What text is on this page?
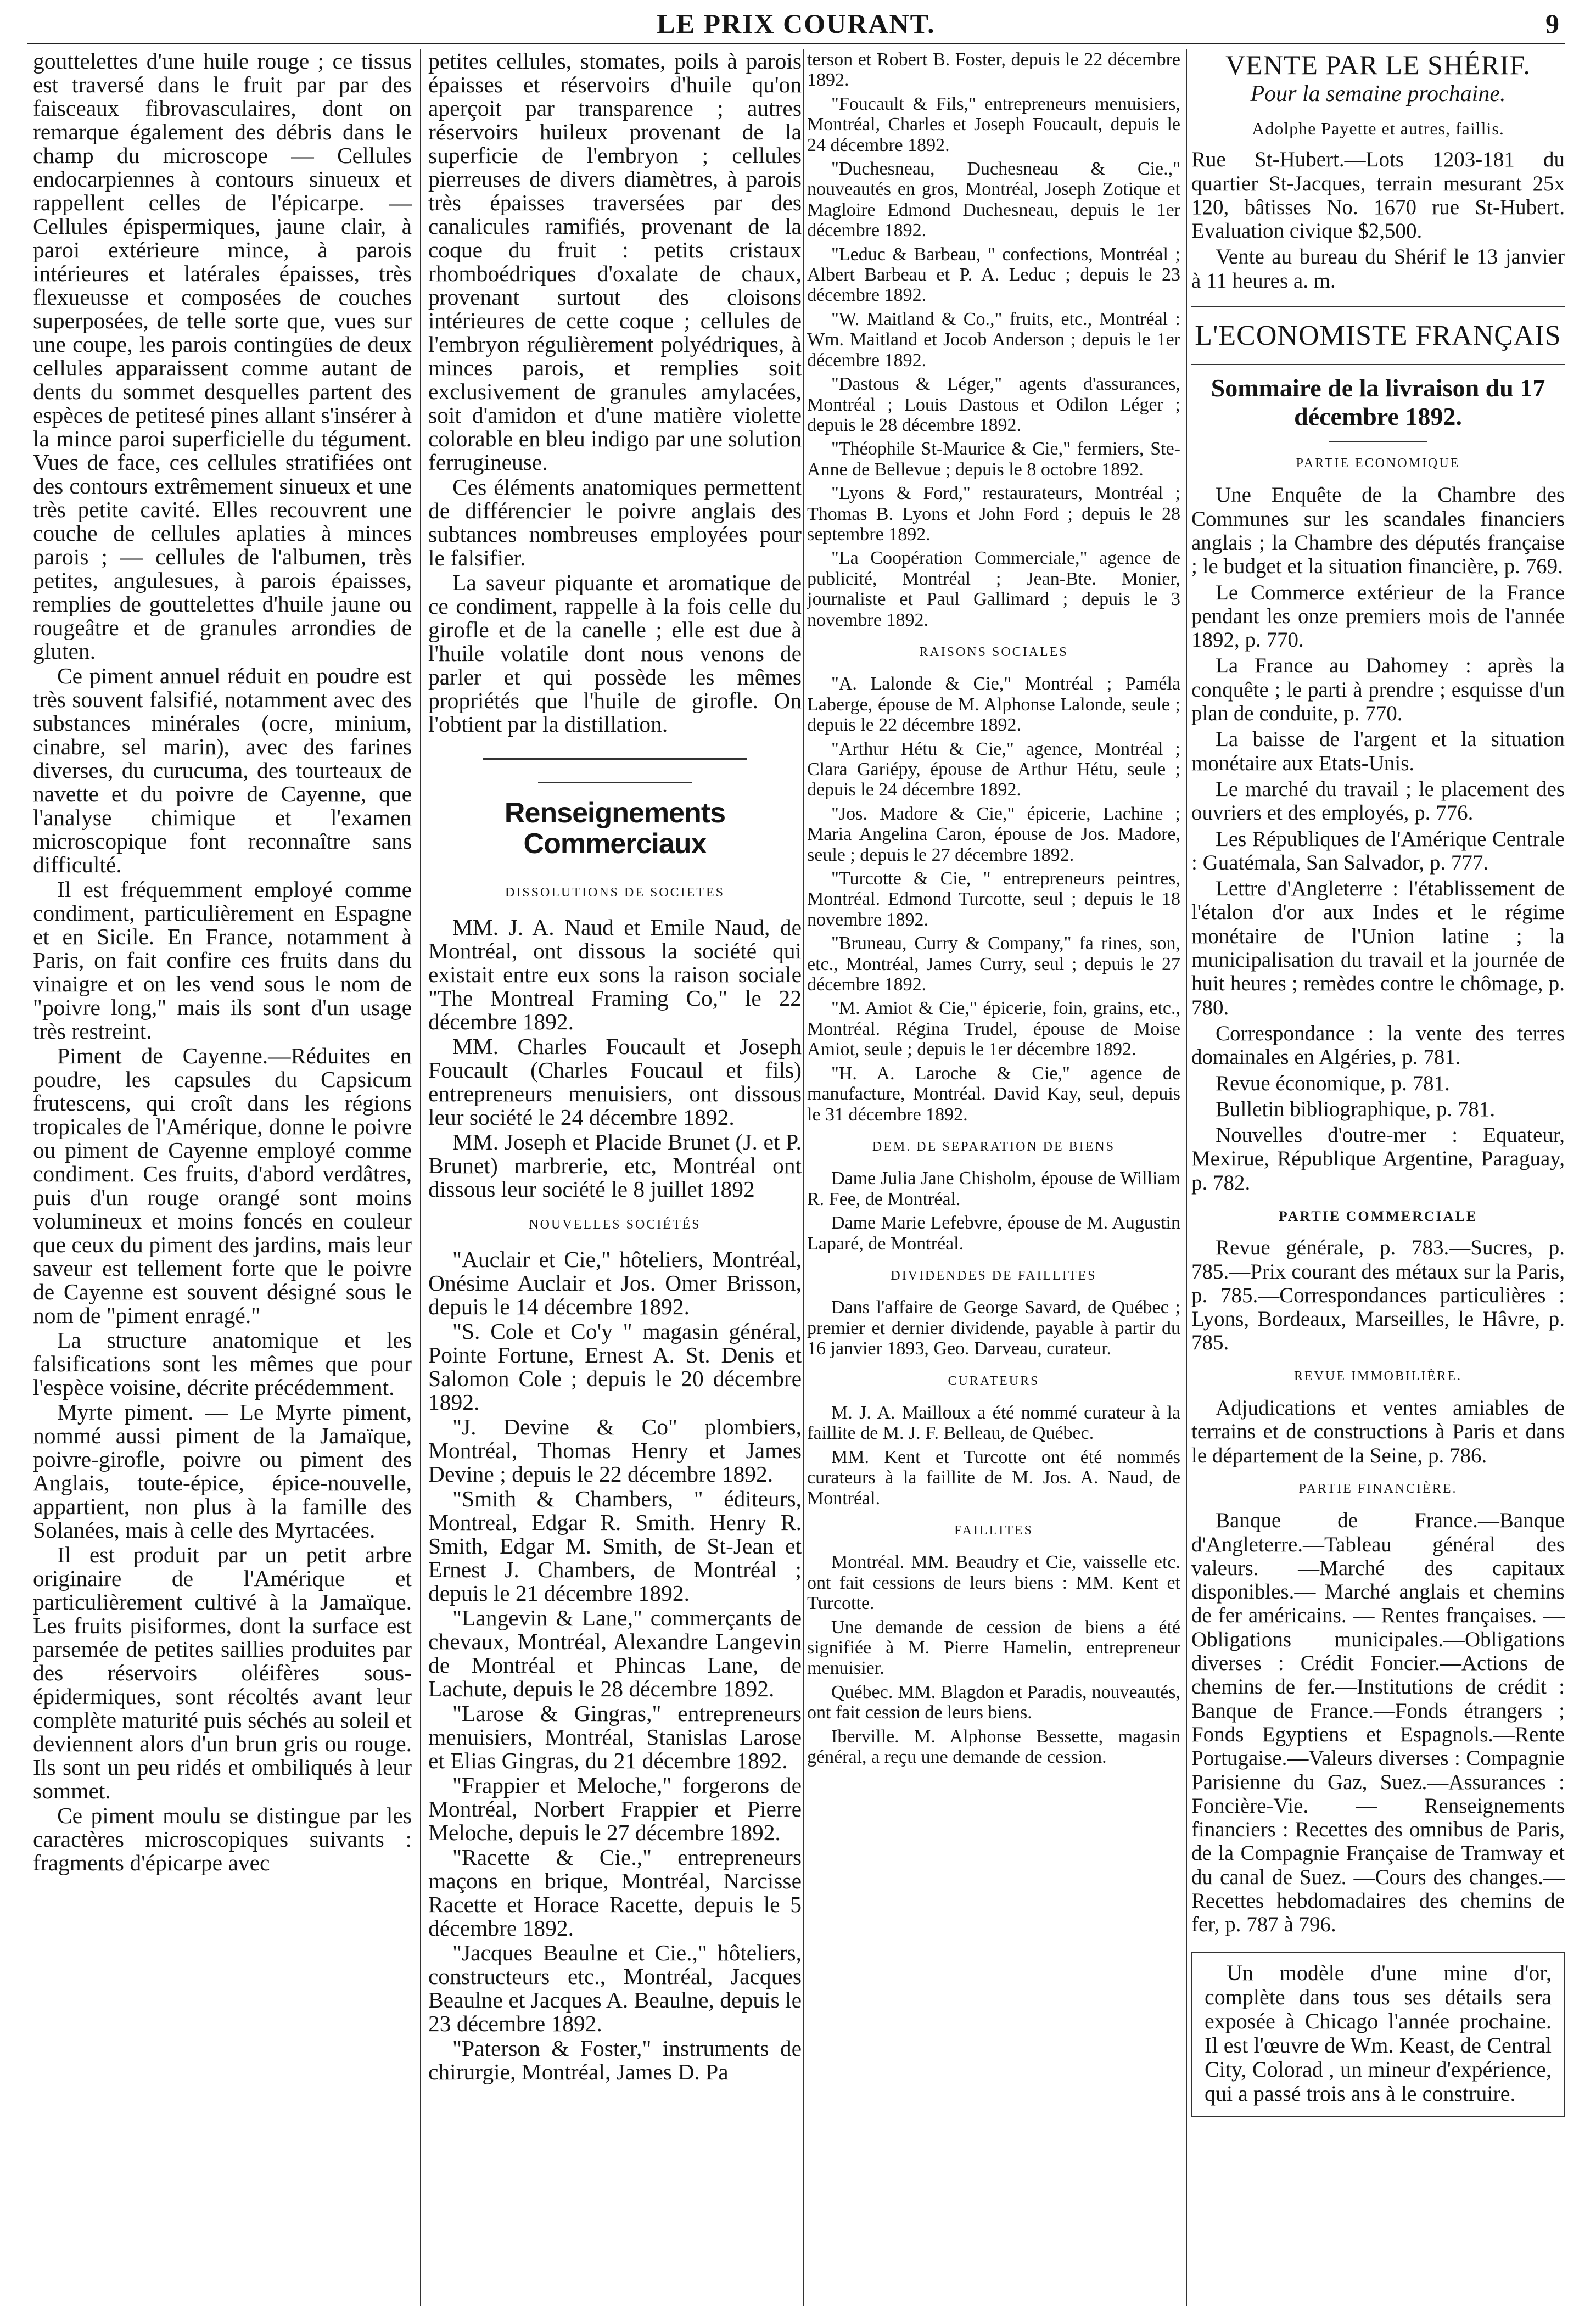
LE PRIX COURANT.	9

gouttelettes d'une huile rouge ; ce tissus est traversé dans le fruit par par des faisceaux fibrovasculaires, dont on remarque également des débris dans le champ du microscope — Cellules endocarpiennes à contours sinueux et rappellent celles de l'épicarpe. — Cellules épispermiques, jaune clair, à paroi extérieure mince, à parois intérieures et latérales épaisses, très flexueusse et composées de couches superposées, de telle sorte que, vues sur une coupe, les parois contingües de deux cellules apparaissent comme autant de dents du sommet desquelles partent des espèces de petitesé pines allant s'insérer à la mince paroi superficielle du tégument. Vues de face, ces cellules stratifiées ont des contours extrêmement sinueux et une très petite cavité. Elles recouvrent une couche de cellules aplaties à minces parois ; — cellules de l'albumen, très petites, angulesues, à parois épaisses, remplies de gouttelettes d'huile jaune ou rougeâtre et de granules arrondies de gluten.

Ce piment annuel réduit en poudre est très souvent falsifié, notamment avec des substances minérales (ocre, minium, cinabre, sel marin), avec des farines diverses, du curucuma, des tourteaux de navette et du poivre de Cayenne, que l'analyse chimique et l'examen microscopique font reconnaître sans difficulté.

Il est fréquemment employé comme condiment, particulièrement en Espagne et en Sicile. En France, notamment à Paris, on fait confire ces fruits dans du vinaigre et on les vend sous le nom de "poivre long," mais ils sont d'un usage très restreint.

Piment de Cayenne.—Réduites en poudre, les capsules du Capsicum frutescens, qui croît dans les régions tropicales de l'Amérique, donne le poivre ou piment de Cayenne employé comme condiment. Ces fruits, d'abord verdâtres, puis d'un rouge orangé sont moins volumineux et moins foncés en couleur que ceux du piment des jardins, mais leur saveur est tellement forte que le poivre de Cayenne est souvent désigné sous le nom de "piment enragé."

La structure anatomique et les falsifications sont les mêmes que pour l'espèce voisine, décrite précédemment.

Myrte piment. — Le Myrte piment, nommé aussi piment de la Jamaïque, poivre-girofle, poivre ou piment des Anglais, toute-épice, épice-nouvelle, appartient, non plus à la famille des Solanées, mais à celle des Myrtacées.

Il est produit par un petit arbre originaire de l'Amérique et particulièrement cultivé à la Jamaïque. Les fruits pisiformes, dont la surface est parsemée de petites saillies produites par des réservoirs oléifères sous-épidermiques, sont récoltés avant leur complète maturité puis séchés au soleil et deviennent alors d'un brun gris ou rouge. Ils sont un peu ridés et ombiliqués à leur sommet.

Ce piment moulu se distingue par les caractères microscopiques suivants : fragments d'épicarpe avec

petites cellules, stomates, poils à parois épaisses et réservoirs d'huile qu'on aperçoit par transparence ; autres réservoirs huileux provenant de la superficie de l'embryon ; cellules pierreuses de divers diamètres, à parois très épaisses traversées par des canalicules ramifiés, provenant de la coque du fruit : petits cristaux rhomboédriques d'oxalate de chaux, provenant surtout des cloisons intérieures de cette coque ; cellules de l'embryon régulièrement polyédriques, à minces parois, et remplies soit exclusivement de granules amylacées, soit d'amidon et d'une matière violette colorable en bleu indigo par une solution ferrugineuse.

Ces éléments anatomiques permettent de différencier le poivre anglais des subtances nombreuses employées pour le falsifier.

La saveur piquante et aromatique de ce condiment, rappelle à la fois celle du girofle et de la canelle ; elle est due à l'huile volatile dont nous venons de parler et qui possède les mêmes propriétés que l'huile de girofle. On l'obtient par la distillation.

Renseignements Commerciaux
DISSOLUTIONS DE SOCIETES

MM. J. A. Naud et Emile Naud, de Montréal, ont dissous la société qui existait entre eux sons la raison sociale "The Montreal Framing Co," le 22 décembre 1892.

MM. Charles Foucault et Joseph Foucault (Charles Foucaul et fils) entrepreneurs menuisiers, ont dissous leur société le 24 décembre 1892.

MM. Joseph et Placide Brunet (J. et P. Brunet) marbrerie, etc, Montréal ont dissous leur société le 8 juillet 1892

NOUVELLES SOCIÉTÉS

"Auclair et Cie," hôteliers, Montréal, Onésime Auclair et Jos. Omer Brisson, depuis le 14 décembre 1892.

"S. Cole et Co'y " magasin général, Pointe Fortune, Ernest A. St. Denis et Salomon Cole ; depuis le 20 décembre 1892.

"J. Devine & Co" plombiers, Montréal, Thomas Henry et James Devine ; depuis le 22 décembre 1892.

"Smith & Chambers, " éditeurs, Montreal, Edgar R. Smith. Henry R. Smith, Edgar M. Smith, de St-Jean et Ernest J. Chambers, de Montréal ; depuis le 21 décembre 1892.

"Langevin & Lane," commerçants de chevaux, Montréal, Alexandre Langevin de Montréal et Phincas Lane, de Lachute, depuis le 28 décembre 1892.

"Larose & Gingras," entrepreneurs menuisiers, Montréal, Stanislas Larose et Elias Gingras, du 21 décembre 1892.

"Frappier et Meloche," forgerons de Montréal, Norbert Frappier et Pierre Meloche, depuis le 27 décembre 1892.

"Racette & Cie.," entrepreneurs maçons en brique, Montréal, Narcisse Racette et Horace Racette, depuis le 5 décembre 1892.

"Jacques Beaulne et Cie.," hôteliers, constructeurs etc., Montréal, Jacques Beaulne et Jacques A. Beaulne, depuis le 23 décembre 1892.

"Paterson & Foster," instruments de chirurgie, Montréal, James D. Pa

terson et Robert B. Foster, depuis le 22 décembre 1892.

"Foucault & Fils," entrepreneurs menuisiers, Montréal, Charles et Joseph Foucault, depuis le 24 décembre 1892.

"Duchesneau, Duchesneau & Cie.," nouveautés en gros, Montréal, Joseph Zotique et Magloire Edmond Duchesneau, depuis le 1er décembre 1892.

"Leduc & Barbeau, " confections, Montréal ; Albert Barbeau et P. A. Leduc ; depuis le 23 décembre 1892.

"W. Maitland & Co.," fruits, etc., Montréal : Wm. Maitland et Jocob Anderson ; depuis le 1er décembre 1892.

"Dastous & Léger," agents d'assurances, Montréal ; Louis Dastous et Odilon Léger ; depuis le 28 décembre 1892.

"Théophile St-Maurice & Cie," fermiers, Ste-Anne de Bellevue ; depuis le 8 octobre 1892.

"Lyons & Ford," restaurateurs, Montréal ; Thomas B. Lyons et John Ford ; depuis le 28 septembre 1892.

"La Coopération Commerciale," agence de publicité, Montréal ; Jean-Bte. Monier, journaliste et Paul Gallimard ; depuis le 3 novembre 1892.

RAISONS SOCIALES

"A. Lalonde & Cie," Montréal ; Paméla Laberge, épouse de M. Alphonse Lalonde, seule ; depuis le 22 décembre 1892.

"Arthur Hétu & Cie," agence, Montréal ; Clara Gariépy, épouse de Arthur Hétu, seule ; depuis le 24 décembre 1892.

"Jos. Madore & Cie," épicerie, Lachine ; Maria Angelina Caron, épouse de Jos. Madore, seule ; depuis le 27 décembre 1892.

"Turcotte & Cie, " entrepreneurs peintres, Montréal. Edmond Turcotte, seul ; depuis le 18 novembre 1892.

"Bruneau, Curry & Company," fa rines, son, etc., Montréal, James Curry, seul ; depuis le 27 décembre 1892.

"M. Amiot & Cie," épicerie, foin, grains, etc., Montréal. Régina Trudel, épouse de Moise Amiot, seule ; depuis le 1er décembre 1892.

"H. A. Laroche & Cie," agence de manufacture, Montréal. David Kay, seul, depuis le 31 décembre 1892.

DEM. DE SEPARATION DE BIENS

Dame Julia Jane Chisholm, épouse de William R. Fee, de Montréal.

Dame Marie Lefebvre, épouse de M. Augustin Laparé, de Montréal.

DIVIDENDES DE FAILLITES

Dans l'affaire de George Savard, de Québec ; premier et dernier dividende, payable à partir du 16 janvier 1893, Geo. Darveau, curateur.

CURATEURS

M. J. A. Mailloux a été nommé curateur à la faillite de M. J. F. Belleau, de Québec.

MM. Kent et Turcotte ont été nommés curateurs à la faillite de M. Jos. A. Naud, de Montréal.

FAILLITES

Montréal. MM. Beaudry et Cie, vaisselle etc. ont fait cessions de leurs biens : MM. Kent et Turcotte.

Une demande de cession de biens a été signifiée à M. Pierre Hamelin, entrepreneur menuisier.

Québec. MM. Blagdon et Paradis, nouveautés, ont fait cession de leurs biens.

Iberville. M. Alphonse Bessette, magasin général, a reçu une demande de cession.

VENTE PAR LE SHÉRIF.
Pour la semaine prochaine.
Adolphe Payette et autres, faillis.

Rue St-Hubert.—Lots 1203-181 du quartier St-Jacques, terrain mesurant 25x 120, bâtisses No. 1670 rue St-Hubert. Evaluation civique $2,500.

Vente au bureau du Shérif le 13 janvier à 11 heures a. m.

L'ECONOMISTE FRANÇAIS
Sommaire de la livraison du 17 décembre 1892.
PARTIE ECONOMIQUE

Une Enquête de la Chambre des Communes sur les scandales financiers anglais ; la Chambre des députés française ; le budget et la situation financière, p. 769.

Le Commerce extérieur de la France pendant les onze premiers mois de l'année 1892, p. 770.

La France au Dahomey : après la conquête ; le parti à prendre ; esquisse d'un plan de conduite, p. 770.

La baisse de l'argent et la situation monétaire aux Etats-Unis.

Le marché du travail ; le placement des ouvriers et des employés, p. 776.

Les Républiques de l'Amérique Centrale : Guatémala, San Salvador, p. 777.

Lettre d'Angleterre : l'établissement de l'étalon d'or aux Indes et le régime monétaire de l'Union latine ; la municipalisation du travail et la journée de huit heures ; remèdes contre le chômage, p. 780.

Correspondance : la vente des terres domainales en Algéries, p. 781.

Revue économique, p. 781.

Bulletin bibliographique, p. 781.

Nouvelles d'outre-mer : Equateur, Mexirue, République Argentine, Paraguay, p. 782.

PARTIE COMMERCIALE

Revue générale, p. 783.—Sucres, p. 785.—Prix courant des métaux sur la Paris, p. 785.—Correspondances particulières : Lyons, Bordeaux, Marseilles, le Hâvre, p. 785.

REVUE IMMOBILIÈRE.

Adjudications et ventes amiables de terrains et de constructions à Paris et dans le département de la Seine, p. 786.

PARTIE FINANCIÈRE.

Banque de France.—Banque d'Angleterre.—Tableau général des valeurs. —Marché des capitaux disponibles.— Marché anglais et chemins de fer américains. — Rentes françaises. — Obligations municipales.—Obligations diverses : Crédit Foncier.—Actions de chemins de fer.—Institutions de crédit : Banque de France.—Fonds étrangers ; Fonds Egyptiens et Espagnols.—Rente Portugaise.—Valeurs diverses : Compagnie Parisienne du Gaz, Suez.—Assurances : Foncière-Vie. — Renseignements financiers : Recettes des omnibus de Paris, de la Compagnie Française de Tramway et du canal de Suez. —Cours des changes.—Recettes hebdomadaires des chemins de fer, p. 787 à 796.

Un modèle d'une mine d'or, complète dans tous ses détails sera exposée à Chicago l'année prochaine. Il est l'œuvre de Wm. Keast, de Central City, Colorad , un mineur d'expérience, qui a passé trois ans à le construire.
